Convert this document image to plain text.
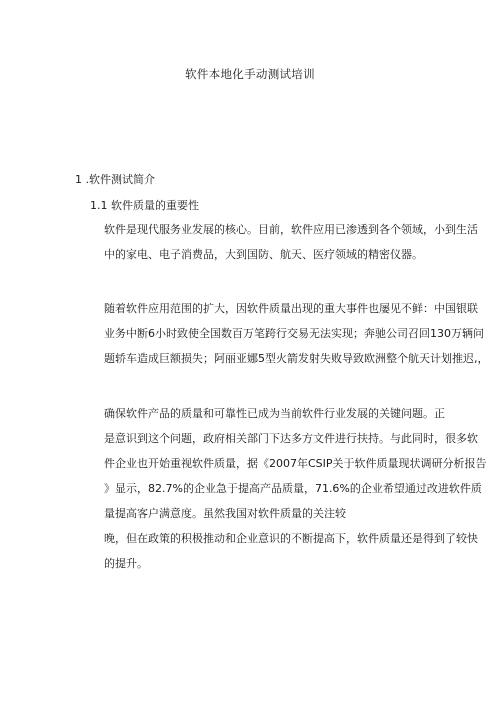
软件本地化手动测试培训
1 .软件测试简介
1.1 软件质量的重要性
软件是现代服务业发展的核心。目前，软件应用已渗透到各个领域，小到生活
中的家电、电子消费品，大到国防、航天、医疗领域的精密仪器。
随着软件应用范围的扩大，因软件质量出现的重大事件也屡见不鲜：中国银联
业务中断6小时致使全国数百万笔跨行交易无法实现；奔驰公司召回130万辆问
题轿车造成巨额损失；阿丽亚娜5型火箭发射失败导致欧洲整个航天计划推迟,，
确保软件产品的质量和可靠性已成为当前软件行业发展的关键问题。正
是意识到这个问题，政府相关部门下达多方文件进行扶持。与此同时，很多软
件企业也开始重视软件质量，据《2007年CSIP关于软件质量现状调研分析报告
》显示，82.7%的企业急于提高产品质量，71.6%的企业希望通过改进软件质
量提高客户满意度。虽然我国对软件质量的关注较
晚，但在政策的积极推动和企业意识的不断提高下，软件质量还是得到了较快
的提升。
